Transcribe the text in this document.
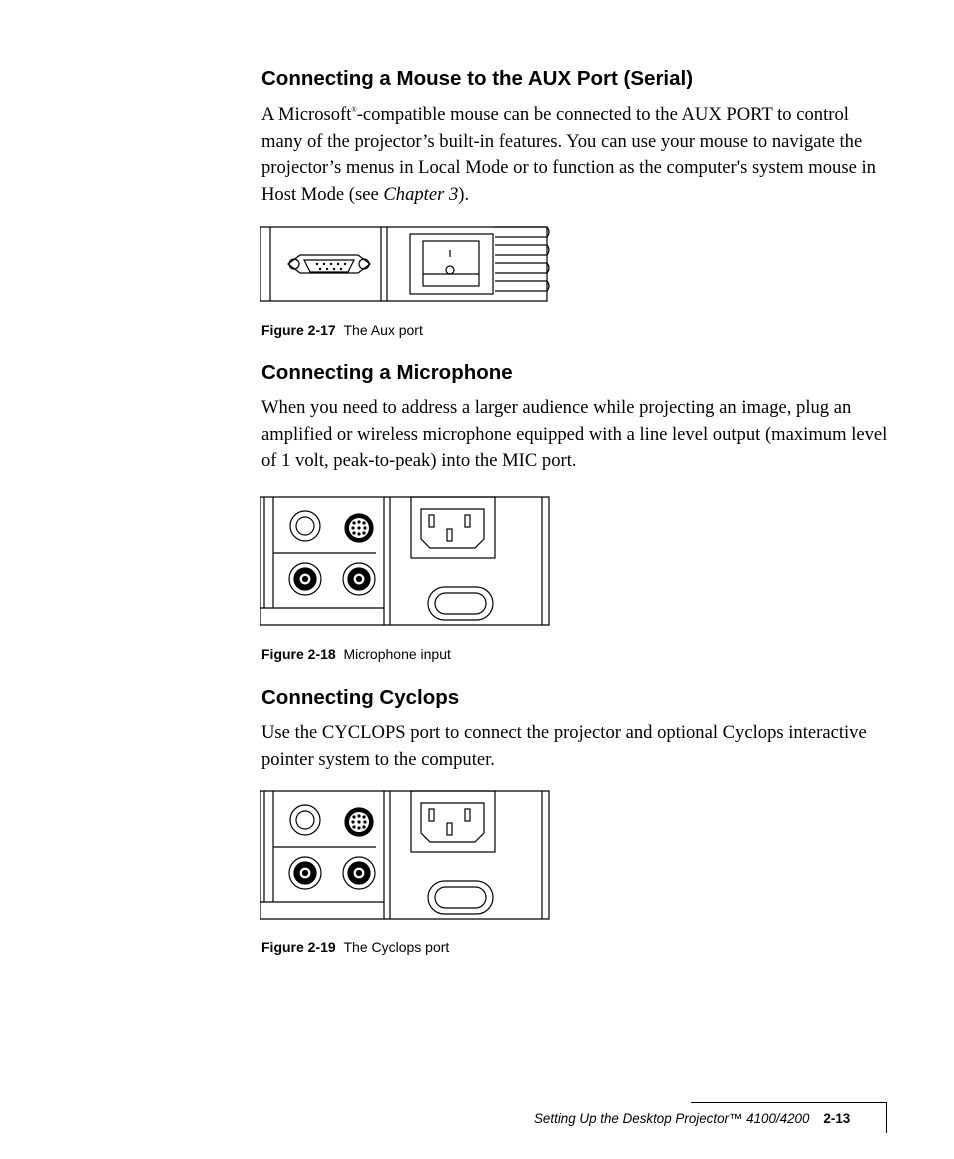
Connecting a Mouse to the AUX Port (Serial)

A Microsoft®-compatible mouse can be connected to the AUX PORT to control many of the projector’s built-in features. You can use your mouse to navigate the projector’s menus in Local Mode or to function as the computer's system mouse in Host Mode (see Chapter 3).

Figure 2-17 The Aux port
Connecting a Microphone

When you need to address a larger audience while projecting an image, plug an amplified or wireless microphone equipped with a line level output (maximum level of 1 volt, peak-to-peak) into the MIC port.

Figure 2-18 Microphone input
Connecting Cyclops

Use the CYCLOPS port to connect the projector and optional Cyclops interactive pointer system to the computer.

Figure 2-19 The Cyclops port
Setting Up the Desktop Projector™ 4100/4200 2-13
